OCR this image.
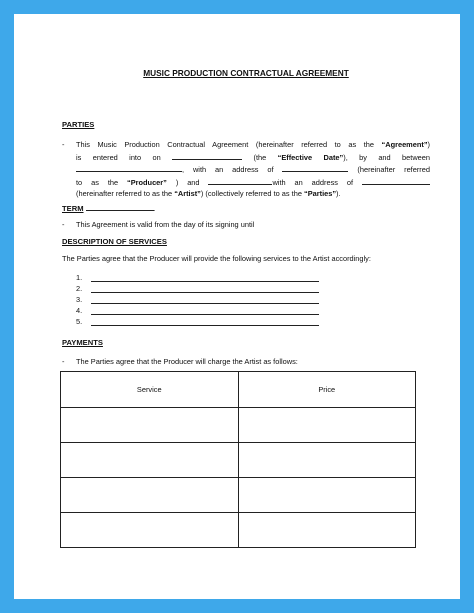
MUSIC PRODUCTION CONTRACTUAL AGREEMENT
PARTIES
- This Music Production Contractual Agreement (hereinafter referred to as the “Agreement”)
is entered into on	(the “Effective Date”), by and between
, with an address of	(hereinafter referred
to as the “Producer” ) and	with an address of
(hereinafter referred to as the “Artist”) (collectively referred to as the “Parties”).
TERM	.
- This Agreement is valid from the day of its signing until
DESCRIPTION OF SERVICES
The Parties agree that the Producer will provide the following services to the Artist accordingly:
1.
2.
3.
4.
5.
PAYMENTS
- The Parties agree that the Producer will charge the Artist as follows:
Service	Price
